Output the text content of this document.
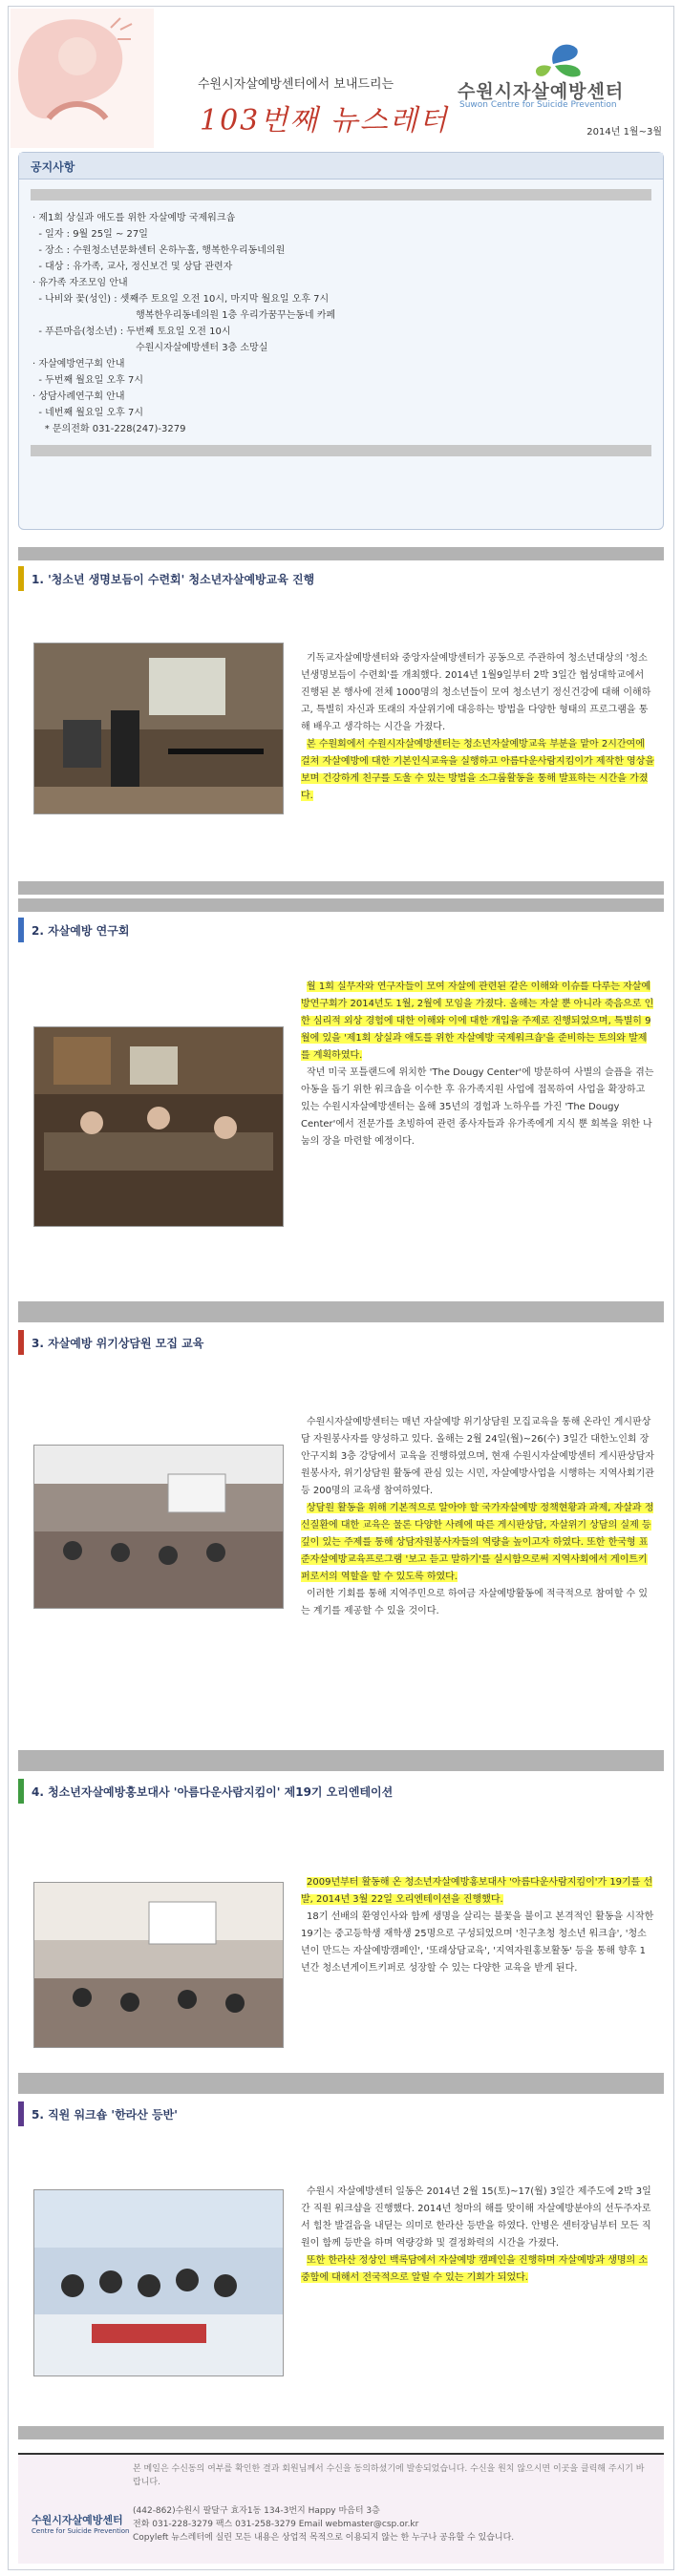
수원시자살예방센터에서 보내드리는
103번째 뉴스레터
수원시자살예방센터
Suwon Centre for Suicide Prevention
2014년 1월~3월
공지사항
· 제1회 상실과 애도를 위한 자살예방 국제워크숍
- 일자 : 9월 25일 ~ 27일
- 장소 : 수원청소년문화센터 온하누홀, 행복한우리동네의원
- 대상 : 유가족, 교사, 정신보건 및 상담 관련자
· 유가족 자조모임 안내
- 나비와 꽃(성인) : 셋째주 토요일 오전 10시, 마지막 월요일 오후 7시
행복한우리동네의원 1층 우리가꿈꾸는동네 카페
- 푸른마음(청소년) : 두번째 토요일 오전 10시
수원시자살예방센터 3층 소망실
· 자살예방연구회 안내
- 두번째 월요일 오후 7시
· 상담사례연구회 안내
- 네번째 월요일 오후 7시
* 문의전화 031-228(247)-3279
1. '청소년 생명보듬이 수련회' 청소년자살예방교육 진행

기독교자살예방센터와 중앙자살예방센터가 공동으로 주관하여 청소년대상의 '청소년생명보듬이 수련회'를 개최했다. 2014년 1월9일부터 2박 3일간 협성대학교에서 진행된 본 행사에 전체 1000명의 청소년들이 모여 청소년기 정신건강에 대해 이해하고, 특별히 자신과 또래의 자살위기에 대응하는 방법을 다양한 형태의 프로그램을 통해 배우고 생각하는 시간을 가졌다.

본 수원회에서 수원시자살예방센터는 청소년자살예방교육 부분을 맡아 2시간여에 걸쳐 자살예방에 대한 기본인식교육을 실행하고 아름다운사람지킴이가 제작한 영상을 보며 건강하게 친구를 도울 수 있는 방법을 소그룹활동을 통해 발표하는 시간을 가졌다.

2. 자살예방 연구회

월 1회 실무자와 연구자들이 모여 자살에 관련된 같은 이해와 이슈를 다루는 자살예방연구회가 2014년도 1월, 2월에 모임을 가졌다. 올해는 자살 뿐 아니라 죽음으로 인한 심리적 외상 경험에 대한 이해와 이에 대한 개입을 주제로 진행되었으며, 특별히 9월에 있을 '제1회 상실과 애도를 위한 자살예방 국제워크숍'을 준비하는 토의와 발제를 계획하였다.

작년 미국 포틀랜드에 위치한 'The Dougy Center'에 방문하여 사별의 슬픔을 겪는 아동을 돕기 위한 워크숍을 이수한 후 유가족지원 사업에 접목하여 사업을 확장하고 있는 수원시자살예방센터는 올해 35년의 경험과 노하우를 가진 'The Dougy Center'에서 전문가를 초빙하여 관련 종사자들과 유가족에게 지식 뿐 회복을 위한 나눔의 장을 마련할 예정이다.

3. 자살예방 위기상담원 모집 교육

수원시자살예방센터는 매년 자살예방 위기상담원 모집교육을 통해 온라인 게시판상담 자원봉사자를 양성하고 있다. 올해는 2월 24일(월)~26(수) 3일간 대한노인회 장안구지회 3층 강당에서 교육을 진행하였으며, 현재 수원시자살예방센터 게시판상담자원봉사자, 위기상담원 활동에 관심 있는 시민, 자살예방사업을 시행하는 지역사회기관 등 200명의 교육생 참여하였다.

상담원 활동을 위해 기본적으로 알아야 할 국가자살예방 정책현황과 과제, 자살과 정신질환에 대한 교육은 물론 다양한 사례에 따른 게시판상담, 자살위기 상담의 실제 등 깊이 있는 주제를 통해 상담자원봉사자들의 역량을 높이고자 하였다. 또한 한국형 표준자살예방교육프로그램 '보고 듣고 말하기'를 실시함으로써 지역사회에서 게이트키퍼로서의 역할을 할 수 있도록 하였다.

이러한 기회를 통해 지역주민으로 하여금 자살예방활동에 적극적으로 참여할 수 있는 계기를 제공할 수 있을 것이다.

4. 청소년자살예방홍보대사 '아름다운사람지킴이' 제19기 오리엔테이션

2009년부터 활동해 온 청소년자살예방홍보대사 '아름다운사람지킴이'가 19기를 선발, 2014년 3월 22일 오리엔테이션을 진행했다.

18기 선배의 환영인사와 함께 생명을 살리는 불꽃을 불이고 본격적인 활동을 시작한 19기는 중고등학생 재학생 25명으로 구성되었으며 '친구초청 청소년 워크숍', '청소년이 만드는 자살예방캠페인', '또래상담교육', '지역자원홍보활동' 등을 통해 향후 1년간 청소년게이트키퍼로 성장할 수 있는 다양한 교육을 받게 된다.

5. 직원 워크숍 '한라산 등반'

수원시 자살예방센터 일동은 2014년 2월 15(토)~17(월) 3일간 제주도에 2박 3일간 직원 워크샵을 진행했다. 2014년 청마의 해를 맞이해 자살예방분야의 선두주자로서 힘찬 발걸음을 내딛는 의미로 한라산 등반을 하였다. 안병은 센터장님부터 모든 직원이 함께 등반을 하며 역량강화 및 결정화력의 시간을 가졌다.

또한 한라산 정상인 백록담에서 자살예방 캠페인을 진행하며 자살예방과 생명의 소중함에 대해서 전국적으로 알릴 수 있는 기회가 되었다.

본 메일은 수신동의 여부를 확인한 결과 회원님께서 수신을 동의하셨기에 발송되었습니다. 수신을 원치 않으시면 이곳을 클릭해 주시기 바랍니다.
수원시자살예방센터
Centre for Suicide Prevention
(442-862)수원시 팔달구 효자1동 134-3번지 Happy 마음터 3층
전화 031-228-3279 팩스 031-258-3279 Email webmaster@csp.or.kr
Copyleft 뉴스레터에 실린 모든 내용은 상업적 목적으로 이용되지 않는 한 누구나 공유할 수 있습니다.
